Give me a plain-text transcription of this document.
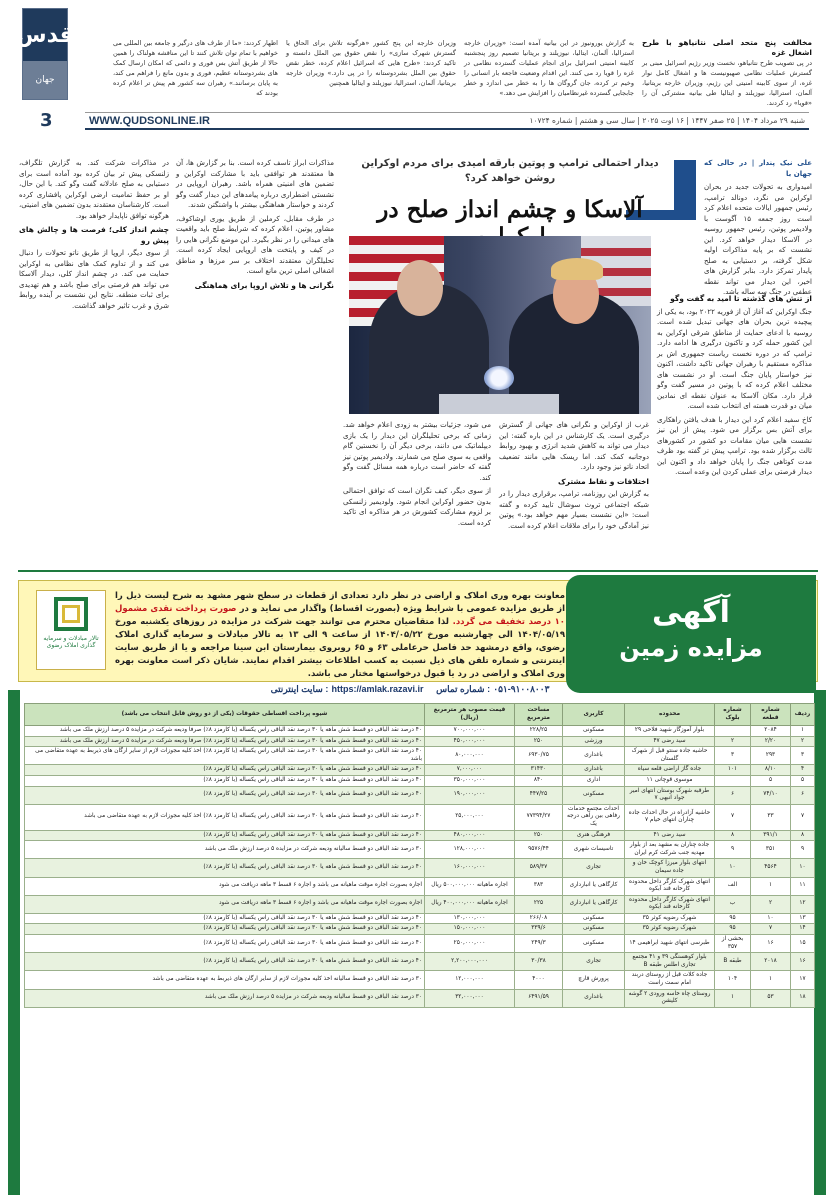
قدس
جهان
3
مخالفت پنج متحد اصلی نتانیاهو با طرح اشغال غزه
در پی تصویب طرح نتانیاهو، نخست وزیر رژیم اسرائیل مبنی بر گسترش عملیات نظامی صهیونیست ها و اشغال کامل نوار غزه، از سوی کابینه امنیتی این رژیم، وزیران خارجه بریتانیا، آلمان، استرالیا، نیوزیلند و ایتالیا طی بیانیه مشترکی آن را «قویا» رد کردند.
به گزارش یورونیوز در این بیانیه آمده است: «وزیران خارجه استرالیا، آلمان، ایتالیا، نیوزیلند و بریتانیا تصمیم روز پنجشنبه کابینه امنیتی اسرائیل برای انجام عملیات گسترده نظامی در غزه را قویا رد می کنند. این اقدام وضعیت فاجعه بار انسانی را وخیم تر کرده، جان گروگان ها را به خطر می اندازد و خطر جابجایی گسترده غیرنظامیان را افزایش می دهد.»
وزیران خارجه این پنج کشور «هرگونه تلاش برای الحاق یا گسترش شهرک سازی» را نقض حقوق بین الملل دانسته و تاکید کردند: «طرح هایی که اسرائیل اعلام کرده، خطر نقض حقوق بین الملل بشردوستانه را در پی دارد.» وزیران خارجه بریتانیا، آلمان، استرالیا، نیوزیلند و ایتالیا همچنین
اظهار کردند: «ما از طرف های درگیر و جامعه بین المللی می خواهیم با تمام توان تلاش کنند تا این مناقشه هولناک را همین حالا از طریق آتش بس فوری و دائمی که امکان ارسال کمک های بشردوستانه عظیم، فوری و بدون مانع را فراهم می کند، به پایان برسانند.» رهبران سه کشور هم پیش تر اعلام کرده بودند که
شنبه ۲۹ مرداد ۱۴۰۴ | ۲۵ صفر ۱۴۴۷ | ۱۶ اوت ۲۰۲۵ | سال سی و هشتم | شماره ۱۰۷۲۴
WWW.QUDSONLINE.IR
دیدار احتمالی ترامپ و پوتین بارقه امیدی برای مردم اوکراین روشن خواهد کرد؟
آلاسکا و چشم انداز صلح در

علی نیک پندار | در حالی که جهان با

امیدواری به تحولات جدید در بحران اوکراین می نگرد، دونالد ترامپ، رئیس جمهور ایالات متحده اعلام کرد است روز جمعه ۱۵ آگوست با ولادیمیر پوتین، رئیس جمهور روسیه در آلاسکا دیدار خواهد کرد. این نشست که بر پایه مذاکرات اولیه شکل گرفته، بر دستیابی به صلح پایدار تمرکز دارد. بنابر گزارش های اخیر، این دیدار می تواند نقطه عطفی در جنگ سه ساله باشد.

از تنش های گذشته تا امید به گفت وگو

جنگ اوکراین که آغاز آن از فوریه ۲۰۲۲ بود، به یکی از پیچیده ترین بحران های جهانی تبدیل شده است. روسیه با ادعای حمایت از مناطق شرقی اوکراین به این کشور حمله کرد و تاکنون درگیری ها ادامه دارد. ترامپ که در دوره نخست ریاست جمهوری اش بر مذاکره مستقیم با رهبران جهانی تاکید داشت، اکنون نیز خواستار پایان جنگ است. او در نشست های مختلف اعلام کرده که با پوتین در مسیر گفت وگو قرار دارد. مکان آلاسکا به عنوان نقطه ای نمادین میان دو قدرت هسته ای انتخاب شده است.

کاخ سفید اعلام کرد این دیدار با هدف یافتن راهکاری برای آتش بس برگزار می شود. پیش از این نیز نشست هایی میان مقامات دو کشور در کشورهای ثالث برگزار شده بود. ترامپ پیش تر گفته بود ظرف مدت کوتاهی جنگ را پایان خواهد داد و اکنون این دیدار فرصتی برای عملی کردن این وعده است.

غرب از اوکراین و نگرانی های جهانی از گسترش درگیری است. یک کارشناس در این باره گفته: این دیدار می تواند به کاهش شدید انرژی و بهبود روابط دوجانبه کمک کند. اما ریسک هایی مانند تضعیف اتحاد ناتو نیز وجود دارد.

اختلافات و نقاط مشترک

به گزارش این روزنامه، ترامپ، برقراری دیدار را در شبکه اجتماعی تروث سوشال تایید کرده و گفته است: «این نشست بسیار مهم خواهد بود.» پوتین نیز آمادگی خود را برای ملاقات اعلام کرده است.

می شود، جزئیات بیشتر به زودی اعلام خواهد شد. زمانی که برخی تحلیلگران این دیدار را یک بازی دیپلماتیک می دانند، برخی دیگر آن را نخستین گام واقعی به سوی صلح می شمارند. ولادیمیر پوتین نیز گفته که حاضر است درباره همه مسائل گفت وگو کند.

از سوی دیگر، کیف نگران است که توافق احتمالی بدون حضور اوکراین انجام شود. ولودیمیر زلنسکی بر لزوم مشارکت کشورش در هر مذاکره ای تاکید کرده است.

مذاکرات ابراز تاسف کرده است. بنا بر گزارش ها، آن ها معتقدند هر توافقی باید با مشارکت اوکراین و تضمین های امنیتی همراه باشد. رهبران اروپایی در نشستی اضطراری درباره پیامدهای این دیدار گفت وگو کردند و خواستار هماهنگی بیشتر با واشنگتن شدند.

در طرف مقابل، کرملین از طریق یوری اوشاکوف، مشاور پوتین، اعلام کرده که شرایط صلح باید واقعیت های میدانی را در نظر بگیرد. این موضع نگرانی هایی را در کیف و پایتخت های اروپایی ایجاد کرده است. تحلیلگران معتقدند اختلاف بر سر مرزها و مناطق اشغالی اصلی ترین مانع است.

نگرانی ها و تلاش اروپا برای هماهنگی

در مذاکرات شرکت کند. به گزارش تلگراف، زلنسکی پیش تر بیان کرده بود آماده است برای دستیابی به صلح عادلانه گفت وگو کند. با این حال، او بر حفظ تمامیت ارضی اوکراین پافشاری کرده است. کارشناسان معتقدند بدون تضمین های امنیتی، هرگونه توافق ناپایدار خواهد بود.

چشم انداز کلی؛ فرصت ها و چالش های پیش رو

از سوی دیگر، اروپا از طریق ناتو تحولات را دنبال می کند و از تداوم کمک های نظامی به اوکراین حمایت می کند. در چشم انداز کلی، دیدار آلاسکا می تواند هم فرصتی برای صلح باشد و هم تهدیدی برای ثبات منطقه. نتایج این نشست بر آینده روابط شرق و غرب تاثیر خواهد گذاشت.

آگهی
مزایده زمین
معاونت بهره وری املاک و اراضی در نظر دارد تعدادی از قطعات در سطح شهر مشهد به شرح لیست ذیل را از طریق مزایده عمومی با شرایط ویژه (بصورت اقساط) واگذار می نماید و در صورت پرداخت نقدی مشمول ۱۰ درصد تخفیف می گردد. لذا متقاضیان محترم می توانند جهت شرکت در مزایده در روزهای یکشنبه مورخ ۱۴۰۴/۰۵/۱۹ الی چهارشنبه مورخ ۱۴۰۴/۰۵/۲۲ از ساعت ۹ الی ۱۳ به تالار مبادلات و سرمایه گذاری املاک رضوی، واقع درمشهد حد فاصل حرعاملی ۶۳ و ۶۵ روبروی بیمارستان ابن سینا مراجعه و یا از طریق سایت اینترنتی و شماره تلفن های ذیل نسبت به کسب اطلاعات بیشتر اقدام نمایند. شایان ذکر است معاونت بهره وری املاک و اراضی در رد یا قبول درخواستها مختار می باشد.
تالار مبادلات و سرمایه گذاری املاک رضوی
سایت اینترنتی : https://amlak.razavi.ir شماره تماس : ۰۵۱-۹۱۰۰۸۰۰۳
ردیف	شماره قطعه	شماره بلوک	محدوده	کاربری	مساحت مترمربع	قیمت مصوب هر مترمربع (ریال)	شیوه پرداخت اقساطی حقوقات (یکی از دو روش قابل انتخاب می باشد)
۱	۲۰۸۴		بلوار آموزگار شهید فلاحی ۲۹	مسکونی	۲۲۸/۲۵	۷۰۰,۰۰۰,۰۰۰	۴۰ درصد نقد الباقی دو قسط شش ماهه یا ۳۰ درصد نقد الباقی راس یکساله (با کارمزد ۸٪) صرفا ودیعه شرکت در مزایده ۵ درصد ارزش ملک می باشد
۲	۲/۲۰	۲	سید رضی ۴۷	ورزشی	۲۵۰	۴۵۰,۰۰۰,۰۰۰	۴۰ درصد نقد الباقی دو قسط شش ماهه یا ۳۰ درصد نقد الباقی راس یکساله (با کارمزد ۸٪) صرفا ودیعه شرکت در مزایده ۵ درصد ارزش ملک می باشد
۳	۲۹۳	۳	حاشیه جاده سنتو قبل از شهرک گلستان	باغداری	۶۹۳۰/۷۵	۸۰,۰۰۰,۰۰۰	۴۰ درصد نقد الباقی دو قسط شش ماهه یا ۳۰ درصد نقد الباقی راس یکساله (با کارمزد ۸٪) اخذ کلیه مجوزات لازم از سایر ارگان های ذیربط به عهده متقاضی می باشد
۴	۸/۱۰	۱۰۱	جاده گاز اراضی قلعه سیاه	باغداری	۳۱۴۳۰	۷,۰۰۰,۰۰۰	۴۰ درصد نقد الباقی دو قسط شش ماهه یا ۳۰ درصد نقد الباقی راس یکساله (با کارمزد ۸٪)
۵	۵		موسوی قوچانی ۱۱	اداری	۸۴۰	۳۵۰,۰۰۰,۰۰۰	۴۰ درصد نقد الباقی دو قسط شش ماهه یا ۳۰ درصد نقد الباقی راس یکساله (با کارمزد ۸٪)
۶	۷۴/۱۰	۶	طرقبه شهرک بوستان انتهای امیر جواد انبهی ۷	مسکونی	۴۴۷/۲۵	۱۹۰,۰۰۰,۰۰۰	۴۰ درصد نقد الباقی دو قسط شش ماهه یا ۳۰ درصد نقد الباقی راس یکساله (با کارمزد ۸٪)
۷	۳۳	۷	حاشیه آزادراه در حال احداث جاده چناران انتهای خیام ۷	احداث مجتمع خدمات رفاهی بین راهی درجه یک	۷۷۳۹۴/۲۷	۲۵,۰۰۰,۰۰۰	۴۰ درصد نقد الباقی دو قسط شش ماهه یا ۳۰ درصد نقد الباقی راس یکساله (با کارمزد ۸٪) اخذ کلیه مجوزات لازم به عهده متقاضی می باشد
۸	۳۹۱/۱	۸	سید رضی ۴۱	فرهنگی هنری	۲۵۰	۴۸۰,۰۰۰,۰۰۰	۴۰ درصد نقد الباقی دو قسط شش ماهه یا ۳۰ درصد نقد الباقی راس یکساله (با کارمزد ۸٪)
۹	۳۵۱	۹	جاده چناران به مشهد بعد از بلوار مهدیه جنب شرکت کرم ایران	تاسیسات شهری	۹۵۷۶/۴۴	۱۲۸,۰۰۰,۰۰۰	۳۰ درصد نقد الباقی دو قسط سالیانه ودیعه شرکت در مزایده ۵ درصد ارزش ملک می باشد
۱۰	۴۵۶۴	۱۰	انتهای بلوار میرزا کوچک خان و جاده سیمان	تجاری	۵۸۹/۳۷	۱۶۰,۰۰۰,۰۰۰	۴۰ درصد نقد الباقی دو قسط شش ماهه یا ۳۰ درصد نقد الباقی راس یکساله (با کارمزد ۸٪)
۱۱	۱	الف	انتهای شهرک کارگر داخل محدوده کارخانه قند آبکوه	کارگاهی یا انبارداری	۳۸۳	اجاره ماهیانه ۵۰۰,۰۰۰,۰۰۰ ریال	اجاره بصورت اجاره موقت ماهیانه می باشد و اجاره ۶ قسط ۳ ماهه دریافت می شود
۱۲	۲	ب	انتهای شهرک کارگر داخل محدوده کارخانه قند آبکوه	کارگاهی یا انبارداری	۲۲۵	اجاره ماهیانه ۴۰۰,۰۰۰,۰۰۰ ریال	اجاره بصورت اجاره موقت ماهیانه می باشد و اجاره ۶ قسط ۳ ماهه دریافت می شود
۱۳	۱۰	۹۵	شهرک رضویه کوثر ۳۵	مسکونی	۲۶۶/۰۸	۱۳۰,۰۰۰,۰۰۰	۴۰ درصد نقد الباقی دو قسط شش ماهه یا ۳۰ درصد نقد الباقی راس یکساله (با کارمزد ۸٪)
۱۴	۷	۹۵	شهرک رضویه کوثر ۳۵	مسکونی	۳۳۹/۶	۱۵۰,۰۰۰,۰۰۰	۴۰ درصد نقد الباقی دو قسط شش ماهه یا ۳۰ درصد نقد الباقی راس یکساله (با کارمزد ۸٪)
۱۵	۱۶	بخشی از ۳۵۷	طبرسی انتهای شهید ابراهیمی ۱۴	مسکونی	۲۴۹/۳	۲۵۰,۰۰۰,۰۰۰	۴۰ درصد نقد الباقی دو قسط شش ماهه یا ۳۰ درصد نقد الباقی راس یکساله (با کارمزد ۸٪)
۱۶	۲۰۱۸	طبقه B	بلوار کوهسنگی ۳۹ و ۴۱ مجتمع تجاری اطلس طبقه B	تجاری	۳۰/۳۸	۲,۲۰۰,۰۰۰,۰۰۰	۴۰ درصد نقد الباقی دو قسط شش ماهه یا ۳۰ درصد نقد الباقی راس یکساله (با کارمزد ۸٪)
۱۷	۱	۱۰۴	جاده کلات قبل از روستای دربند امام سمت راست	پرورش قارچ	۴۰۰۰	۱۲,۰۰۰,۰۰۰	۳۰ درصد نقد الباقی دو قسط سالیانه اخذ کلیه مجوزات لازم از سایر ارگان های ذیربط به عهده متقاضی می باشد
۱۸	۵۳	۱	روستای چاه خاسه ورودی ۲ گوشه کلیشن	باغداری	۶۴۹۱/۵۹	۳۲,۰۰۰,۰۰۰	۳۰ درصد نقد الباقی دو قسط سالیانه ودیعه شرکت در مزایده ۵ درصد ارزش ملک می باشد
